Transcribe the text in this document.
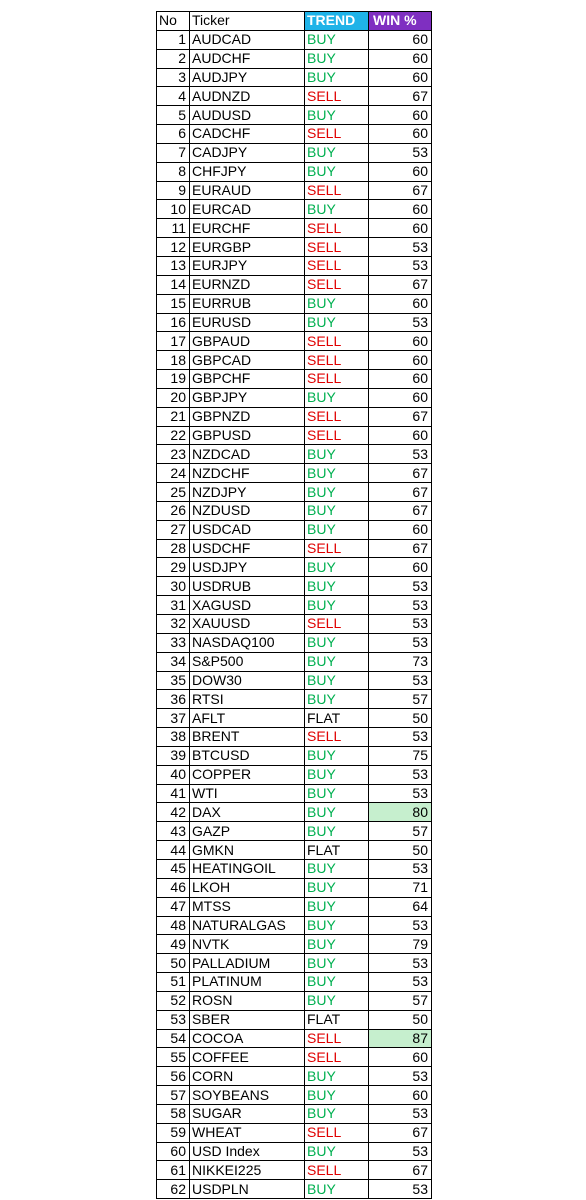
No	Ticker	TREND	WIN %
1	AUDCAD	BUY	60
2	AUDCHF	BUY	60
3	AUDJPY	BUY	60
4	AUDNZD	SELL	67
5	AUDUSD	BUY	60
6	CADCHF	SELL	60
7	CADJPY	BUY	53
8	CHFJPY	BUY	60
9	EURAUD	SELL	67
10	EURCAD	BUY	60
11	EURCHF	SELL	60
12	EURGBP	SELL	53
13	EURJPY	SELL	53
14	EURNZD	SELL	67
15	EURRUB	BUY	60
16	EURUSD	BUY	53
17	GBPAUD	SELL	60
18	GBPCAD	SELL	60
19	GBPCHF	SELL	60
20	GBPJPY	BUY	60
21	GBPNZD	SELL	67
22	GBPUSD	SELL	60
23	NZDCAD	BUY	53
24	NZDCHF	BUY	67
25	NZDJPY	BUY	67
26	NZDUSD	BUY	67
27	USDCAD	BUY	60
28	USDCHF	SELL	67
29	USDJPY	BUY	60
30	USDRUB	BUY	53
31	XAGUSD	BUY	53
32	XAUUSD	SELL	53
33	NASDAQ100	BUY	53
34	S&P500	BUY	73
35	DOW30	BUY	53
36	RTSI	BUY	57
37	AFLT	FLAT	50
38	BRENT	SELL	53
39	BTCUSD	BUY	75
40	COPPER	BUY	53
41	WTI	BUY	53
42	DAX	BUY	80
43	GAZP	BUY	57
44	GMKN	FLAT	50
45	HEATINGOIL	BUY	53
46	LKOH	BUY	71
47	MTSS	BUY	64
48	NATURALGAS	BUY	53
49	NVTK	BUY	79
50	PALLADIUM	BUY	53
51	PLATINUM	BUY	53
52	ROSN	BUY	57
53	SBER	FLAT	50
54	COCOA	SELL	87
55	COFFEE	SELL	60
56	CORN	BUY	53
57	SOYBEANS	BUY	60
58	SUGAR	BUY	53
59	WHEAT	SELL	67
60	USD Index	BUY	53
61	NIKKEI225	SELL	67
62	USDPLN	BUY	53
